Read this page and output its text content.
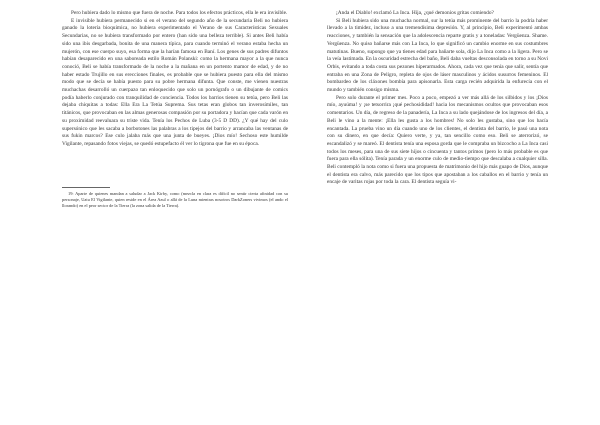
Pero hubiera dado lo mismo que fuera de noche. Para todos los efectos prácticos, ella le era invisible.

E invisible hubiera permanecido si en el verano del segundo año de la secundaria Beli no hubiera ganado la lotería bioquímica, no hubiera experimentado el Verano de sus Características Sexuales Secundarias, no se hubiera transformado por entero (han sido una belleza terrible). Si antes Beli había sido una ibis desgarbada, bonita de una manera típica, para cuando terminó el verano estaba hecha un mujerón, con ese cuerpo suyo, esa forma que la harían famosa en Baní. Los genes de sus padres difuntos habían desaparecido en una saboreada estilo Román Polanski: como la hermana mayor a la que nunca conoció, Beli se había transformado de la noche a la mañana en un portento mamor de edad, y de no haber estado Trujillo en sus erecciones finales, es probable que se hubiera puesto para ella del mismo modo que se decía se había puesto para su pobre hermana difunta. Que conste, me vienen nuestras muchachas desarrolló un cuerpazo tan enloquecido que solo un pornógrafo o un dibujante de comics podía haberlo conjurado con tranquilidad de conciencia. Todos los barrios tienen su tetúa, pero Beli las dejaba chiquitas a todas: Ella Era La Tetúa Suprema. Sus tetas eran globos tan inverosímiles, tan titánicos, que provocaban en las almas generosas compasión por su portadora y hacían que cada varón en su proximidad reevaluara su triste vida. Tenía los Pechos de Luba (3-5 D DD). ¿Y qué hay del culo supersónico que les sacaba a borbotones las palabras a los tipejos del barrio y arrancaba las ventanas de sus fukin marcos? Ese culo jalaba más que una junta de bueyes. ¡Dios mío! Sechoso este humilde Vigilante, repasando fotos viejas, se quedó estupefacto él ver lo tigrona que fue en su época.

19: Aparte de quienes mandan a saludar a Jack Kirby, como (mezcla en clara es difícil no sentir cierta afinidad con su personaje, Uatu El Vigilante, quien reside en el Área Azul o allá de la Luna mientras nosotros DarkZoners vivimos (el ando el llorando) en el peor sector de la Tierra (la zona salida de la Tierra).

¡Anda el Diablo! exclamó La Inca. Hija, ¿qué demonios gritas comiendo?

Si Beli hubiera sido una muchacha normal, sur la tetúa más prominente del barrio la podría haber llevado a la timidez, incluso a una tremendísima depresión. Y, al principio, Beli experimentó ambas reacciones, y también la sensación que la adolescencia reparte gratis y a toneladas: Vergüenza. Shame. Vergüenza. No quiso bañarse más con La Inca, lo que significó un cambio enorme en sus costumbres matutinas. Bueno, supongo que ya tienes edad para bañarte sola, dijo La Inca como a la ligera. Pero se la veía lastimada. En la oscuridad estrecha del baño, Beli daba vueltas desconsolada en torno a su Novi Orbis, evitando a toda costa sus pezones hiperarmados. Ahora, cada vez que tenía que salir, sentía que entraba en una Zona de Peligro, repleta de ojos de láser masculinos y ácidos susurros femeninos. El bombardeo de los cláxones bombía para apisonarla. Esta carga recién adquirida la enfurecía con el mundo y también consigo misma.

Pero solo durante el primer mes. Poco a poco, empezó a ver más allá de los silbidos y los ¡Dios mío, ayuúma! y ¡se tetsorrira ¡qué pechosididad! hacia los mecanismos ocultos que provocaban esos comentarios. Un día, de regreso de la panadería, La Inca a su lado quejándose de los ingresos del día, a Beli le vino a la mente: ¡Ella les gusta a los hombres! No solo les gustaba, sino que los hacía encantada. La prueba vino un día cuando uno de los clientes, el dentista del barrio, le pasó una nota con su dinero, en que decía: Quiero verte, y ya, tan sencillo como eso. Beli se aterrorizó, se escandalizó y se mareó. El dentista tenía una esposa gorda que le compraba un bizcocho a La Inca casi todos los meses, para una de sus siete hijos o cincuenta y tantos primos (pero lo más probable es que fuera para ella sólita). Tenía parada y un enorme culo de medio-tiempo que descalaba a cualquier silla. Beli contempló la nota como si fuera una propuesta de matrimonio del hijo más guapo de Dios, aunque el dentista era calvo, más parecido que los tipos que apostaban a los caballos en el barrio y tenía un encaje de varitas rojas por toda la cara. El dentista seguía vi-
